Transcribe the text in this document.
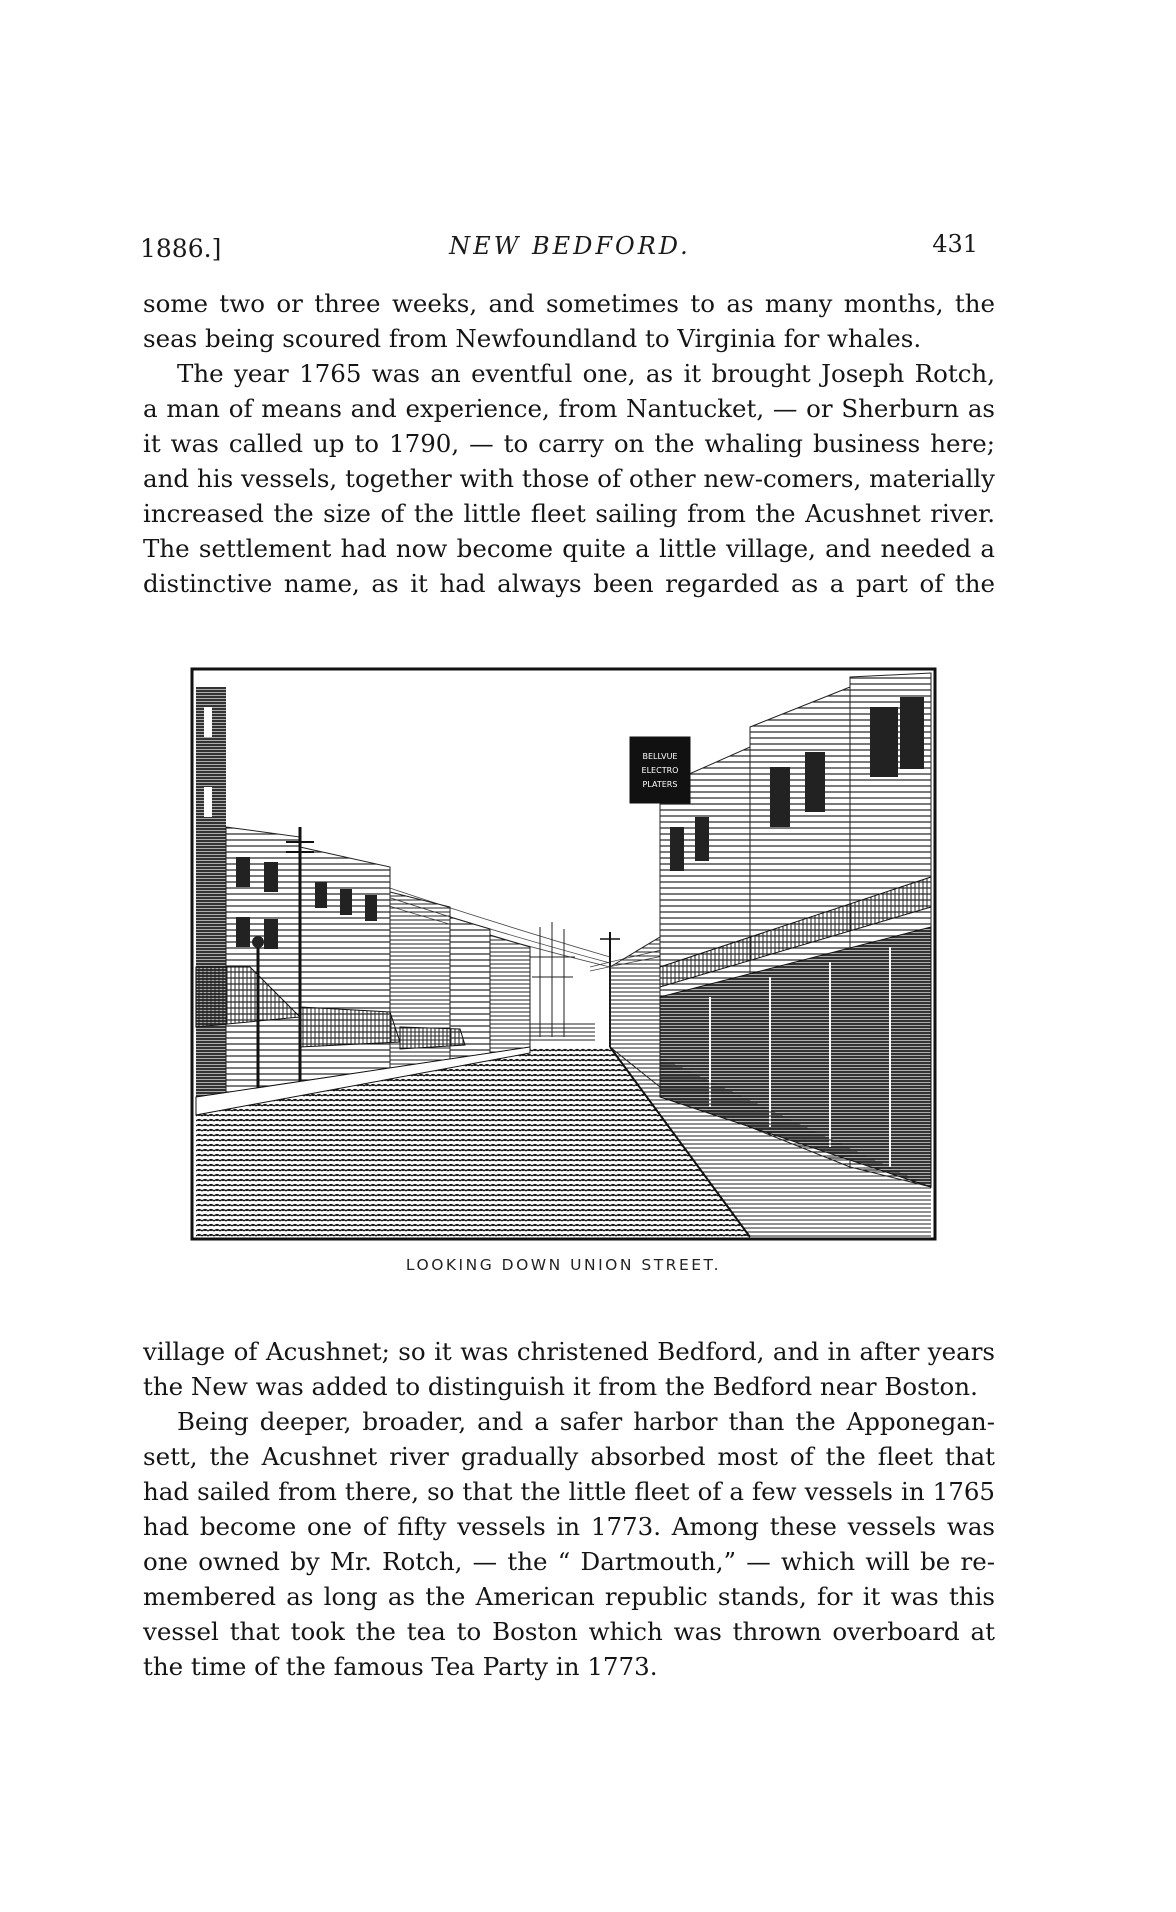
1886.]	NEW BEDFORD.	431
some two or three weeks, and sometimes to as many months, the
seas being scoured from Newfoundland to Virginia for whales.
The year 1765 was an eventful one, as it brought Joseph Rotch,
a man of means and experience, from Nantucket, — or Sherburn as
it was called up to 1790, — to carry on the whaling business here;
and his vessels, together with those of other new-comers, materially
increased the size of the little fleet sailing from the Acushnet river.
The settlement had now become quite a little village, and needed a
distinctive name, as it had always been regarded as a part of the
BELLVUE
ELECTRO
PLATERS
LOOKING DOWN UNION STREET.
village of Acushnet; so it was christened Bedford, and in after years
the New was added to distinguish it from the Bedford near Boston.
Being deeper, broader, and a safer harbor than the Apponegan-
sett, the Acushnet river gradually absorbed most of the fleet that
had sailed from there, so that the little fleet of a few vessels in 1765
had become one of fifty vessels in 1773. Among these vessels was
one owned by Mr. Rotch, — the “ Dartmouth,” — which will be re-
membered as long as the American republic stands, for it was this
vessel that took the tea to Boston which was thrown overboard at
the time of the famous Tea Party in 1773.
